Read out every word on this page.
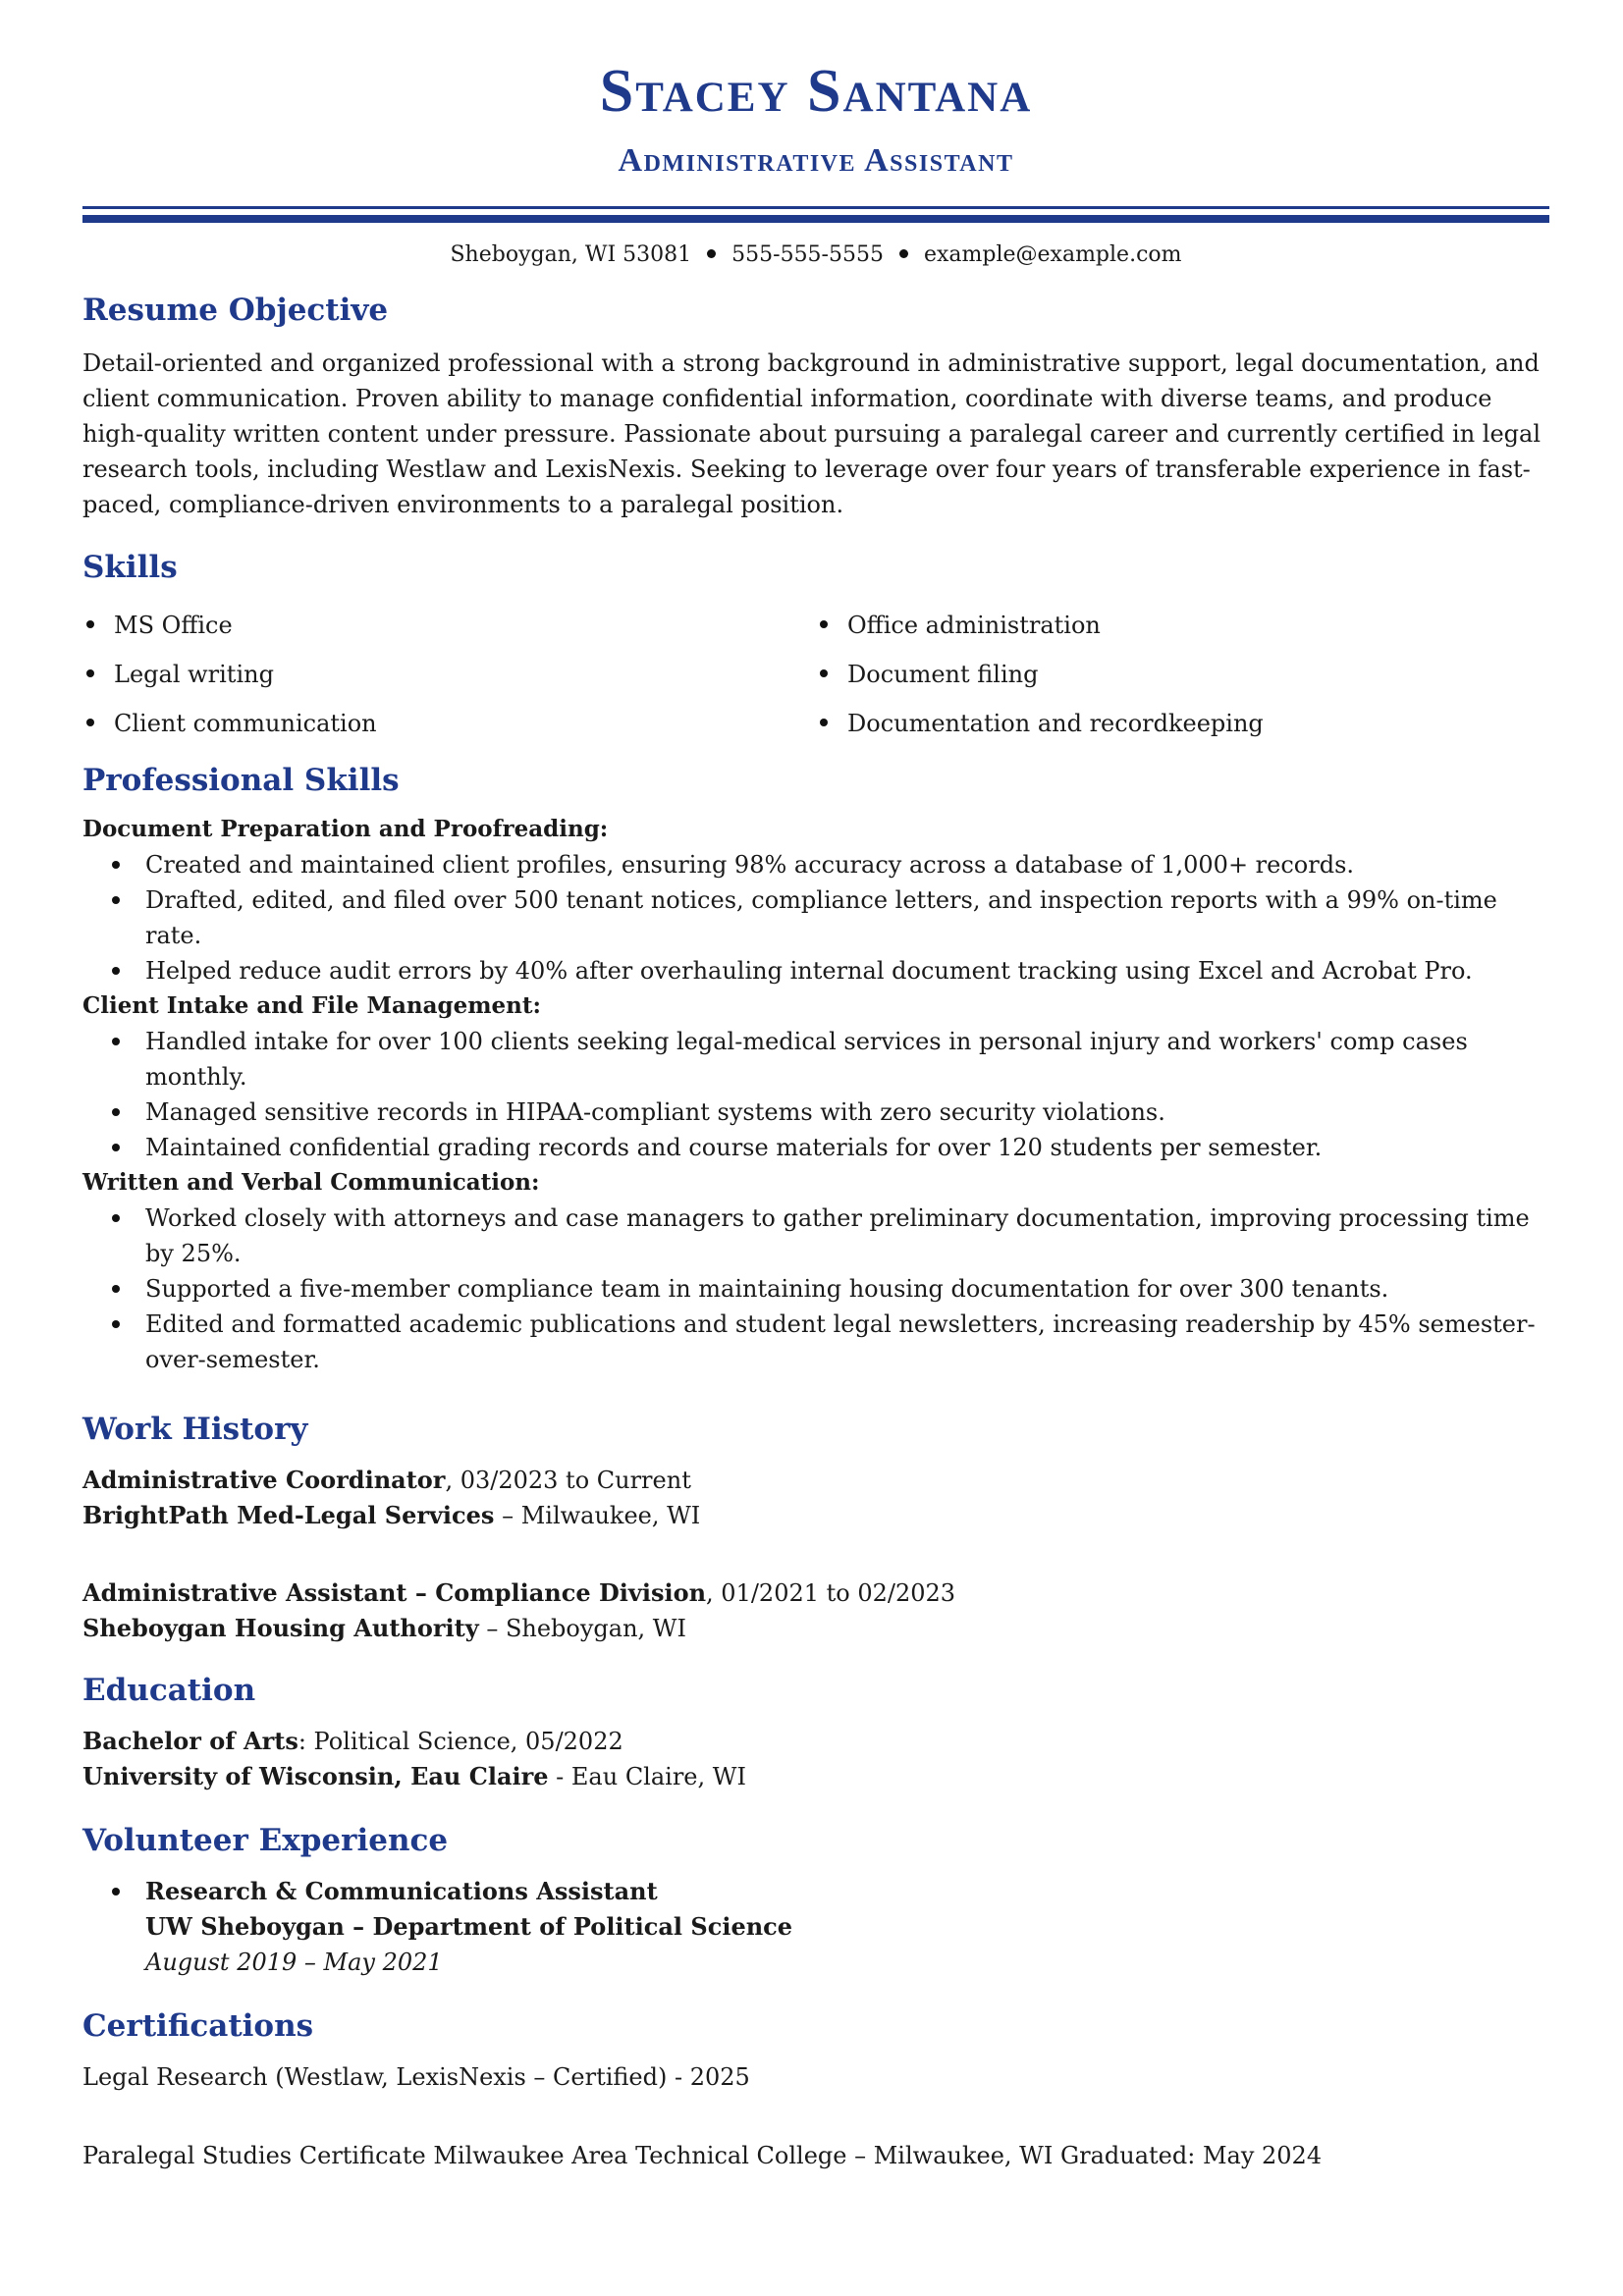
Stacey Santana
Administrative Assistant
Sheboygan, WI 53081 555-555-5555 example@example.com
Resume Objective
Detail-oriented and organized professional with a strong background in administrative support, legal documentation, and client communication. Proven ability to manage confidential information, coordinate with diverse teams, and produce high-quality written content under pressure. Passionate about pursuing a paralegal career and currently certified in legal research tools, including Westlaw and LexisNexis. Seeking to leverage over four years of transferable experience in fast-paced, compliance-driven environments to a paralegal position.
Skills
MS Office
Legal writing
Client communication
Office administration
Document filing
Documentation and recordkeeping
Professional Skills
Document Preparation and Proofreading:
Created and maintained client profiles, ensuring 98% accuracy across a database of 1,000+ records.
Drafted, edited, and filed over 500 tenant notices, compliance letters, and inspection reports with a 99% on-time rate.
Helped reduce audit errors by 40% after overhauling internal document tracking using Excel and Acrobat Pro.
Client Intake and File Management:
Handled intake for over 100 clients seeking legal-medical services in personal injury and workers' comp cases monthly.
Managed sensitive records in HIPAA-compliant systems with zero security violations.
Maintained confidential grading records and course materials for over 120 students per semester.
Written and Verbal Communication:
Worked closely with attorneys and case managers to gather preliminary documentation, improving processing time by 25%.
Supported a five-member compliance team in maintaining housing documentation for over 300 tenants.
Edited and formatted academic publications and student legal newsletters, increasing readership by 45% semester-over-semester.
Work History
Administrative Coordinator, 03/2023 to Current
BrightPath Med-Legal Services – Milwaukee, WI
Administrative Assistant – Compliance Division, 01/2021 to 02/2023
Sheboygan Housing Authority – Sheboygan, WI
Education
Bachelor of Arts: Political Science, 05/2022
University of Wisconsin, Eau Claire - Eau Claire, WI
Volunteer Experience
Research & Communications Assistant
UW Sheboygan – Department of Political Science
August 2019 – May 2021
Certifications
Legal Research (Westlaw, LexisNexis – Certified) - 2025
Paralegal Studies Certificate Milwaukee Area Technical College – Milwaukee, WI Graduated: May 2024
